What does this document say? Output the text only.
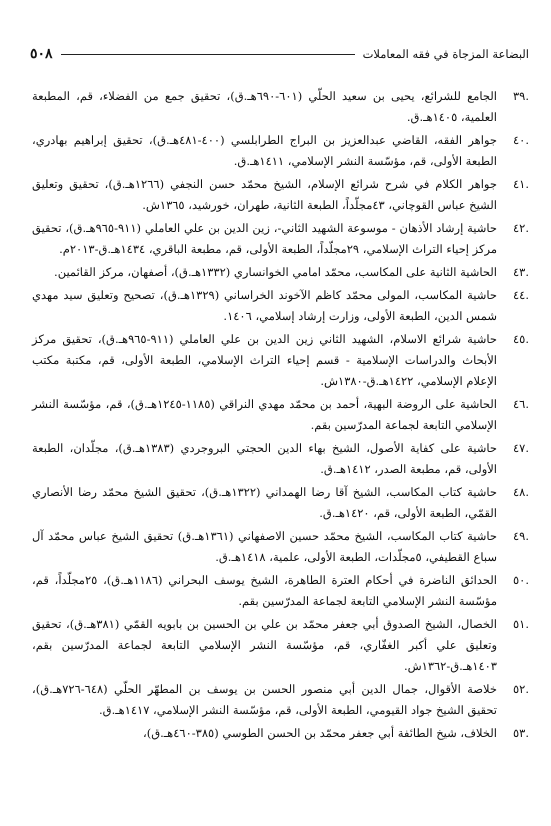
٥٠٨	البضاعة المزجاة في فقه المعاملات
٣٩.
الجامع للشرائع، يحيى بن سعيد الحلّي (٦٠١-٦٩٠هـ.ق)، تحقيق جمع من الفضلاء، قم، المطبعة العلمية، ١٤٠٥هـ.ق.
٤٠.
جواهر الفقه، القاضي عبدالعزيز بن البراج الطرابلسي (٤٠٠-٤٨١هـ.ق)، تحقيق إبراهيم بهادري، الطبعة الأولى، قم، مؤسّسة النشر الإسلامي، ١٤١١هـ.ق.
٤١.
جواهر الكلام في شرح شرائع الإسلام، الشيخ محمّد حسن النجفي (١٢٦٦هـ.ق)، تحقيق وتعليق الشيخ عباس القوچاني، ٤٣مجلّداً، الطبعة الثانية، طهران، خورشيد، ١٣٦٥ش.
٤٢.
حاشية إرشاد الأذهان - موسوعة الشهيد الثاني-، زين الدين بن علي العاملي (٩١١-٩٦٥هـ.ق)، تحقيق مركز إحياء التراث الإسلامي، ٢٩مجلّداً، الطبعة الأولى، قم، مطبعة الباقري، ١٤٣٤هـ.ق-٢٠١٣م.
٤٣.
الحاشية الثانية على المكاسب، محمّد امامي الخوانساري (١٣٣٢هـ.ق)، أصفهان، مركز القائمين.
٤٤.
حاشية المكاسب، المولى محمّد كاظم الآخوند الخراساني (١٣٢٩هـ.ق)، تصحيح وتعليق سيد مهدي شمس الدين، الطبعة الأولى، وزارت إرشاد إسلامي، ١٤٠٦.
٤٥.
حاشية شرائع الاسلام، الشهيد الثاني زين الدين بن علي العاملي (٩١١-٩٦٥هـ.ق)، تحقيق مركز الأبحاث والدراسات الإسلامية - قسم إحياء التراث الإسلامي، الطبعة الأولى، قم، مكتبة مكتب الإعلام الإسلامي، ١٤٢٢هـ.ق-١٣٨٠ش.
٤٦.
الحاشية على الروضة البهية، أحمد بن محمّد مهدي النراقي (١١٨٥-١٢٤٥هـ.ق)، قم، مؤسّسة النشر الإسلامي التابعة لجماعة المدرّسين بقم.
٤٧.
حاشية على كفاية الأصول، الشيخ بهاء الدين الحجتي البروجردي (١٣٨٣هـ.ق)، مجلّدان، الطبعة الأولى، قم، مطبعة الصدر، ١٤١٢هـ.ق.
٤٨.
حاشية كتاب المكاسب، الشيخ آقا رضا الهمداني (١٣٢٢هـ.ق)، تحقيق الشيخ محمّد رضا الأنصاري القمّي، الطبعة الأولى، قم، ١٤٢٠هـ.ق.
٤٩.
حاشية كتاب المكاسب، الشيخ محمّد حسين الاصفهاني (١٣٦١هـ.ق) تحقيق الشيخ عباس محمّد آل سباع القطيفي، ٥مجلّدات، الطبعة الأولى، علمية، ١٤١٨هـ.ق.
٥٠.
الحدائق الناضرة في أحكام العترة الطاهرة، الشيخ يوسف البحراني (١١٨٦هـ.ق)، ٢٥مجلّداً، قم، مؤسّسة النشر الإسلامي التابعة لجماعة المدرّسين بقم.
٥١.
الخصال، الشيخ الصدوق أبي جعفر محمّد بن علي بن الحسين بن بابويه القمّي (٣٨١هـ.ق)، تحقيق وتعليق علي أكبر الغفّاري، قم، مؤسّسة النشر الإسلامي التابعة لجماعة المدرّسين بقم، ١٤٠٣هـ.ق-١٣٦٢ش.
٥٢.
خلاصة الأقوال، جمال الدين أبي منصور الحسن بن يوسف بن المطهّر الحلّي (٦٤٨-٧٢٦هـ.ق)، تحقيق الشيخ جواد القيومي، الطبعة الأولى، قم، مؤسّسة النشر الإسلامي، ١٤١٧هـ.ق.
٥٣.
الخلاف، شيخ الطائفة أبي جعفر محمّد بن الحسن الطوسي (٣٨٥-٤٦٠هـ.ق)،
